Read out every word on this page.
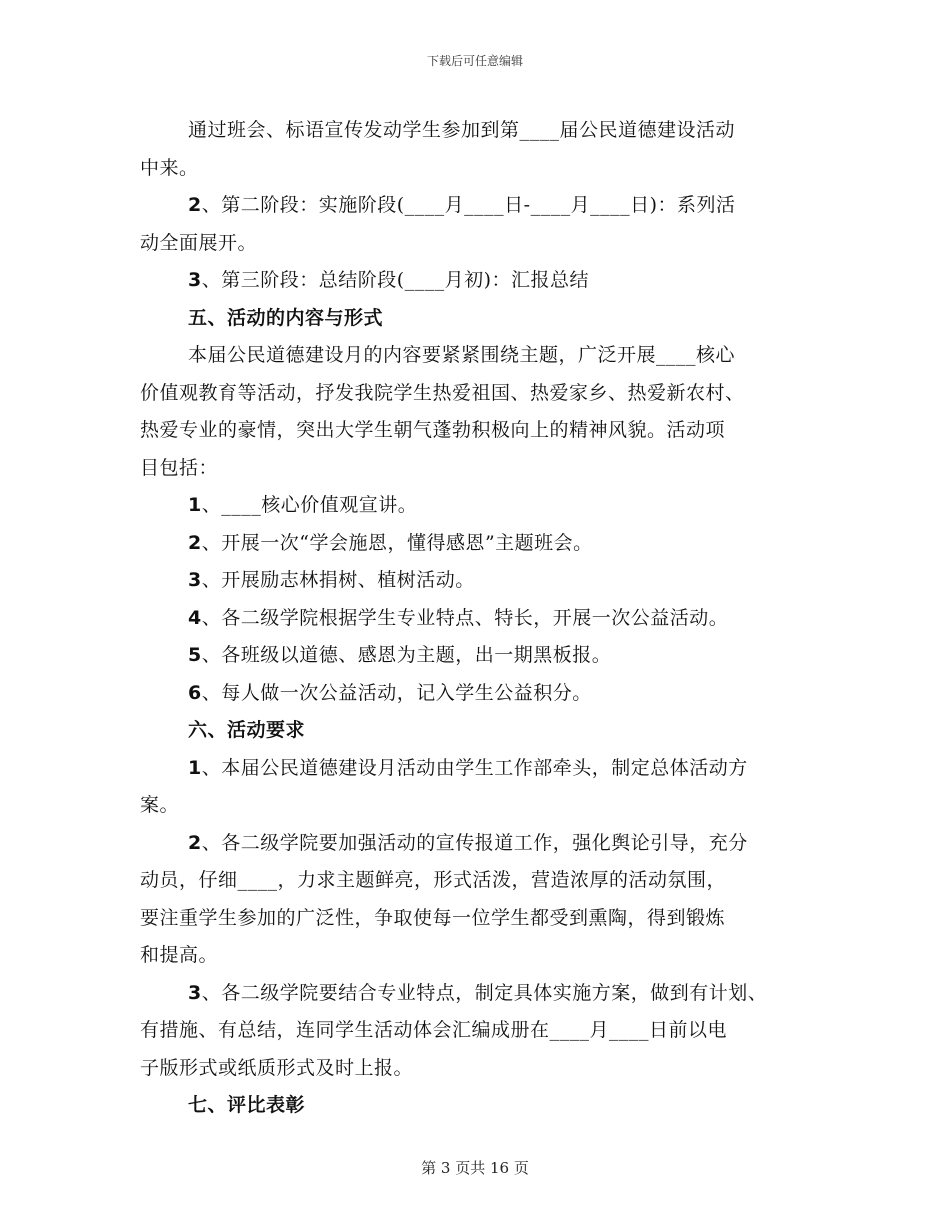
下载后可任意编辑
通过班会、标语宣传发动学生参加到第____届公民道德建设活动
中来。
2、第二阶段：实施阶段(____月____日-____月____日)：系列活
动全面展开。
3、第三阶段：总结阶段(____月初)：汇报总结
五、活动的内容与形式
本届公民道德建设月的内容要紧紧围绕主题，广泛开展____核心
价值观教育等活动，抒发我院学生热爱祖国、热爱家乡、热爱新农村、
热爱专业的豪情，突出大学生朝气蓬勃积极向上的精神风貌。活动项
目包括：
1、____核心价值观宣讲。
2、开展一次“学会施恩，懂得感恩”主题班会。
3、开展励志林捐树、植树活动。
4、各二级学院根据学生专业特点、特长，开展一次公益活动。
5、各班级以道德、感恩为主题，出一期黑板报。
6、每人做一次公益活动，记入学生公益积分。
六、活动要求
1、本届公民道德建设月活动由学生工作部牵头，制定总体活动方
案。
2、各二级学院要加强活动的宣传报道工作，强化舆论引导，充分
动员，仔细____，力求主题鲜亮，形式活泼，营造浓厚的活动氛围，
要注重学生参加的广泛性，争取使每一位学生都受到熏陶，得到锻炼
和提高。
3、各二级学院要结合专业特点，制定具体实施方案，做到有计划、
有措施、有总结，连同学生活动体会汇编成册在____月____日前以电
子版形式或纸质形式及时上报。
七、评比表彰
第 3 页共 16 页
